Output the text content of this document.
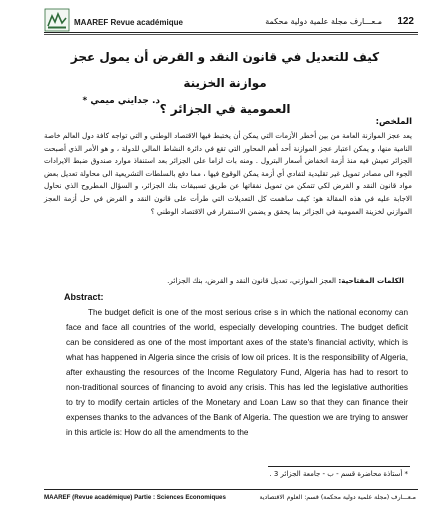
MAAREF Revue académique	مـعـــارف مجلة علمية دولية محكمة 122
كيف للتعديل في قانون النقد و القرض أن يمول عجز موازنة الخزينة
العمومية في الجزائر ؟
د. جدايني ميمي *
الملخص:
يعد عجز الموازنة العامة من بين أخطر الأزمات التي يمكن أن يختبط فيها الاقتصاد الوطني و التي تواجه كافة دول العالم خاصة النامية منها، و يمكن اعتبار عجز الموازنة أحد أهم المحاور التي تقع في دائرة النشاط المالي للدولة ، و هو الأمر الذي أصبحت الجزائر تعيش فيه منذ أزمة انخفاض أسعار البترول . ومنه بات لزاما على الجزائر بعد استنفاذ موارد صندوق ضبط الايرادات الجوء الى مصادر تمويل غير تقليدية لتفادي أي أزمة يمكن الوقوع فيها ، مما دفع بالسلطات التشريعية الى محاولة تعديل بعض مواد قانون النقد و القرض لكي تتمكن من تمويل نفقاتها عن طريق تسبيقات بنك الجزائر، و السؤال المطروح الذي نحاول الاجابة عليه في هذه المقالة هو: كيف ساهمت كل التعديلات التي طرأت على قانون النقد و القرض في حل أزمة العجز الموازني لخزينة العمومية في الجزائر بما يحقق و يضمن الاستقرار في الاقتصاد الوطني ؟
الكلمات المفتاحية: العجز الموازني، تعديل قانون النقد و القرض، بنك الجزائر.
Abstract:
The budget deficit is one of the most serious crise s in which the national economy can face and face all countries of the world, especially developing countries. The budget deficit can be considered as one of the most important axes of the state's financial activity, which is what has happened in Algeria since the crisis of low oil prices. It is the responsibility of Algeria, after exhausting the resources of the Income Regulatory Fund, Algeria has had to resort to non-traditional sources of financing to avoid any crisis. This has led the legislative authorities to try to modify certain articles of the Monetary and Loan Law so that they can finance their expenses thanks to the advances of the Bank of Algeria. The question we are trying to answer in this article is: How do all the amendments to the
* أستاذة محاضرة قسم - ب - جامعة الجزائر 3 .
MAAREF (Revue académique) Partie : Sciences Economiques	مـعـــارف (مجلة علمية دولية محكمة) قسم: العلوم الاقتصادية
